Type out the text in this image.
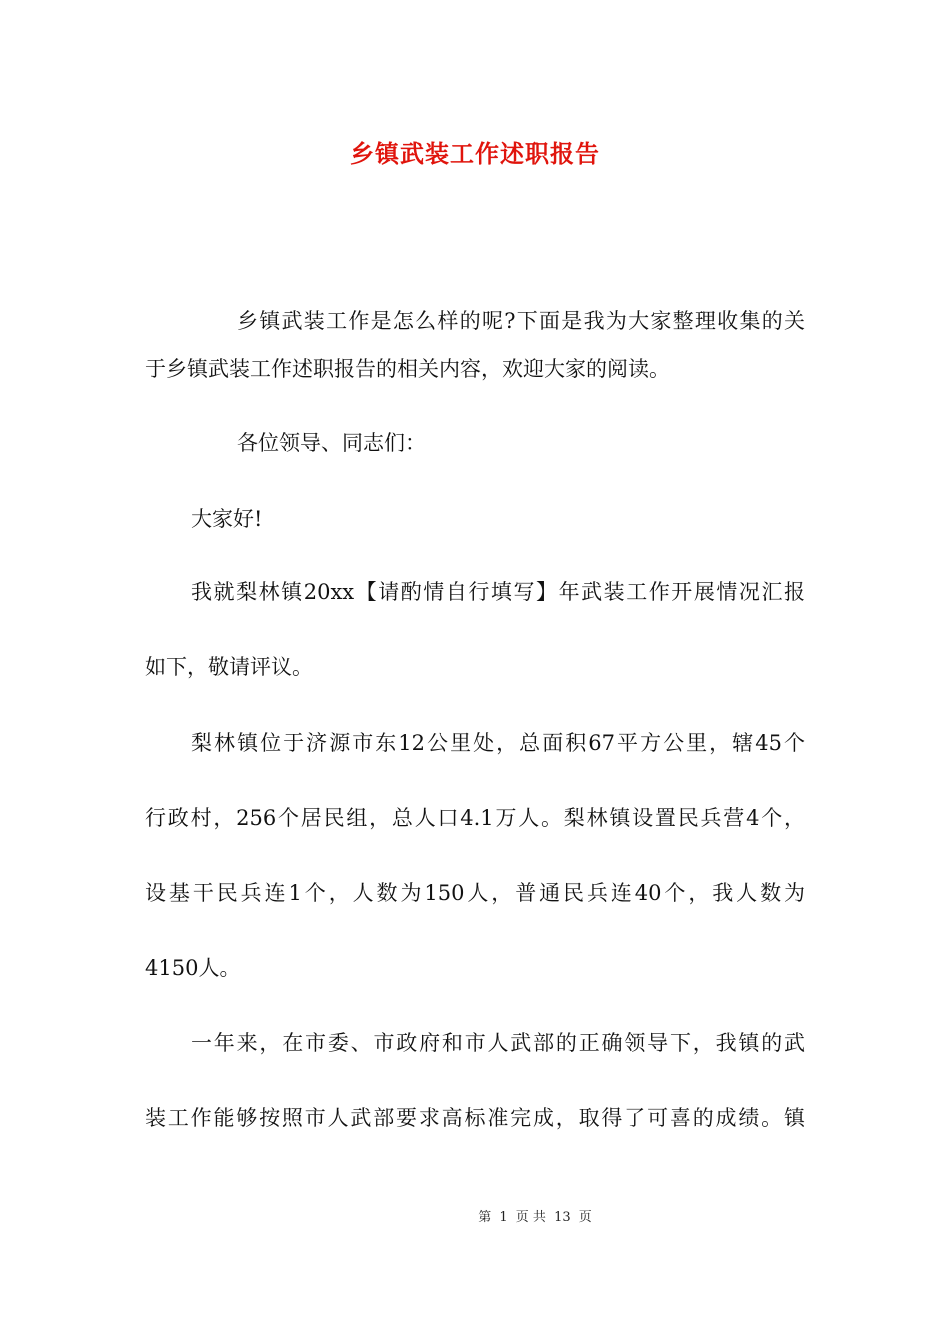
乡镇武装工作述职报告
乡镇武装工作是怎么样的呢?下面是我为大家整理收集的关
于乡镇武装工作述职报告的相关内容，欢迎大家的阅读。
各位领导、同志们：
大家好!
我就梨林镇20xx【请酌情自行填写】年武装工作开展情况汇报
如下，敬请评议。
梨林镇位于济源市东12公里处，总面积67平方公里，辖45个
行政村，256个居民组，总人口4.1万人。梨林镇设置民兵营4个，
设基干民兵连1个，人数为150人，普通民兵连40个，我人数为
4150人。
一年来，在市委、市政府和市人武部的正确领导下，我镇的武
装工作能够按照市人武部要求高标准完成，取得了可喜的成绩。镇
第 1 页 共 13 页
